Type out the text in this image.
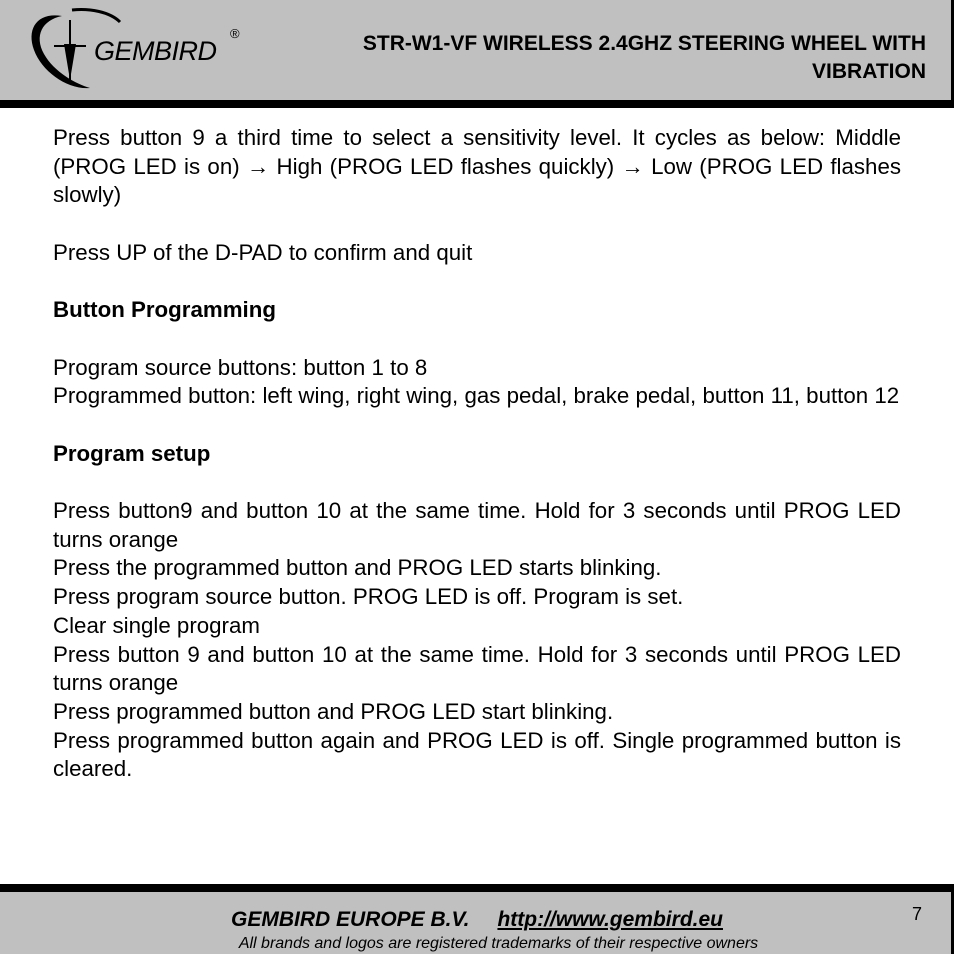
GEMBIRD
®	STR-W1-VF WIRELESS 2.4GHZ STEERING WHEEL WITH
VIBRATION

Press button 9 a third time to select a sensitivity level. It cycles as below: Middle (PROG LED is on) → High (PROG LED flashes quickly) → Low (PROG LED flashes slowly)

Press UP of the D-PAD to confirm and quit

Button Programming

Program source buttons: button 1 to 8

Programmed button: left wing, right wing, gas pedal, brake pedal, button 11, button 12

Program setup

Press button9 and button 10 at the same time. Hold for 3 seconds until PROG LED turns orange

Press the programmed button and PROG LED starts blinking.

Press program source button. PROG LED is off. Program is set.

Clear single program

Press button 9 and button 10 at the same time. Hold for 3 seconds until PROG LED turns orange

Press programmed button and PROG LED start blinking.

Press programmed button again and PROG LED is off. Single programmed button is cleared.

GEMBIRD EUROPE B.V. http://www.gembird.eu
All brands and logos are registered trademarks of their respective owners
7
